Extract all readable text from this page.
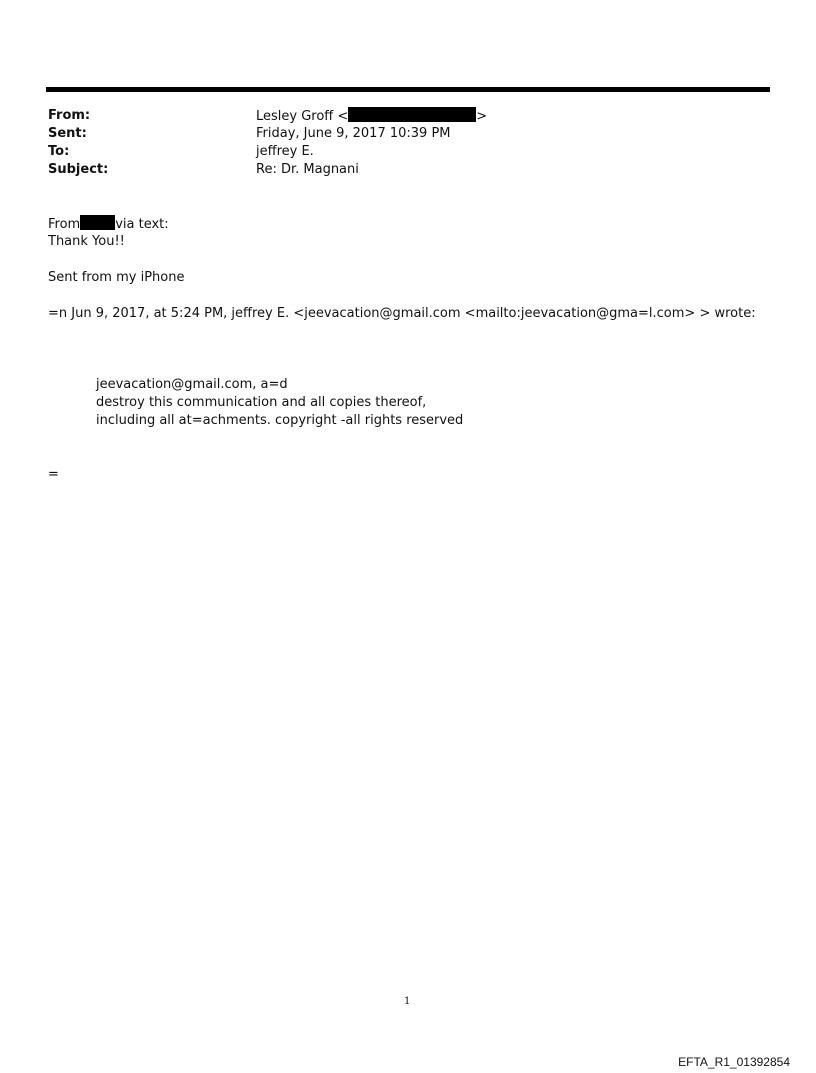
From:	Lesley Groff <	>
Sent:	Friday, June 9, 2017 10:39 PM
To:	jeffrey E.
Subject:	Re: Dr. Magnani
From	via text:
Thank You!!
Sent from my iPhone
=n Jun 9, 2017, at 5:24 PM, jeffrey E. <jeevacation@gmail.com <mailto:jeevacation@gma=l.com> > wrote:
jeevacation@gmail.com, a=d
destroy this communication and all copies thereof,
including all at=achments. copyright -all rights reserved
=
1
EFTA_R1_01392854
